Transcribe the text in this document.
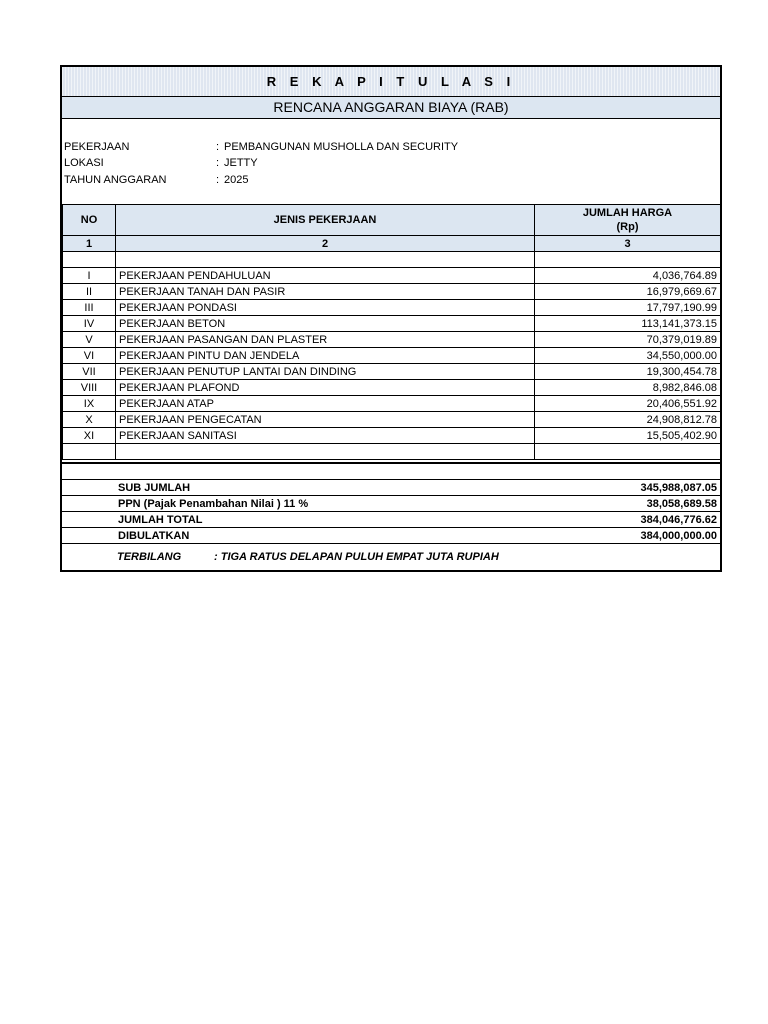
R E K A P I T U L A S I
RENCANA ANGGARAN BIAYA (RAB)
PEKERJAAN	: PEMBANGUNAN MUSHOLLA DAN SECURITY
LOKASI	: JETTY
TAHUN ANGGARAN	: 2025
NO	JENIS PEKERJAAN	JUMLAH HARGA
(Rp)

1	2	3

I	PEKERJAAN PENDAHULUAN	4,036,764.89
II	PEKERJAAN TANAH DAN PASIR	16,979,669.67
III	PEKERJAAN PONDASI	17,797,190.99
IV	PEKERJAAN BETON	113,141,373.15
V	PEKERJAAN PASANGAN DAN PLASTER	70,379,019.89
VI	PEKERJAAN PINTU DAN JENDELA	34,550,000.00
VII	PEKERJAAN PENUTUP LANTAI DAN DINDING	19,300,454.78
VIII	PEKERJAAN PLAFOND	8,982,846.08
IX	PEKERJAAN ATAP	20,406,551.92
X	PEKERJAAN PENGECATAN	24,908,812.78
XI	PEKERJAAN SANITASI	15,505,402.90

	SUB JUMLAH	345,988,087.05
	PPN (Pajak Penambahan Nilai ) 11 %	38,058,689.58
	JUMLAH TOTAL	384,046,776.62
	DIBULATKAN	384,000,000.00
TERBILANG	: TIGA RATUS DELAPAN PULUH EMPAT JUTA RUPIAH
